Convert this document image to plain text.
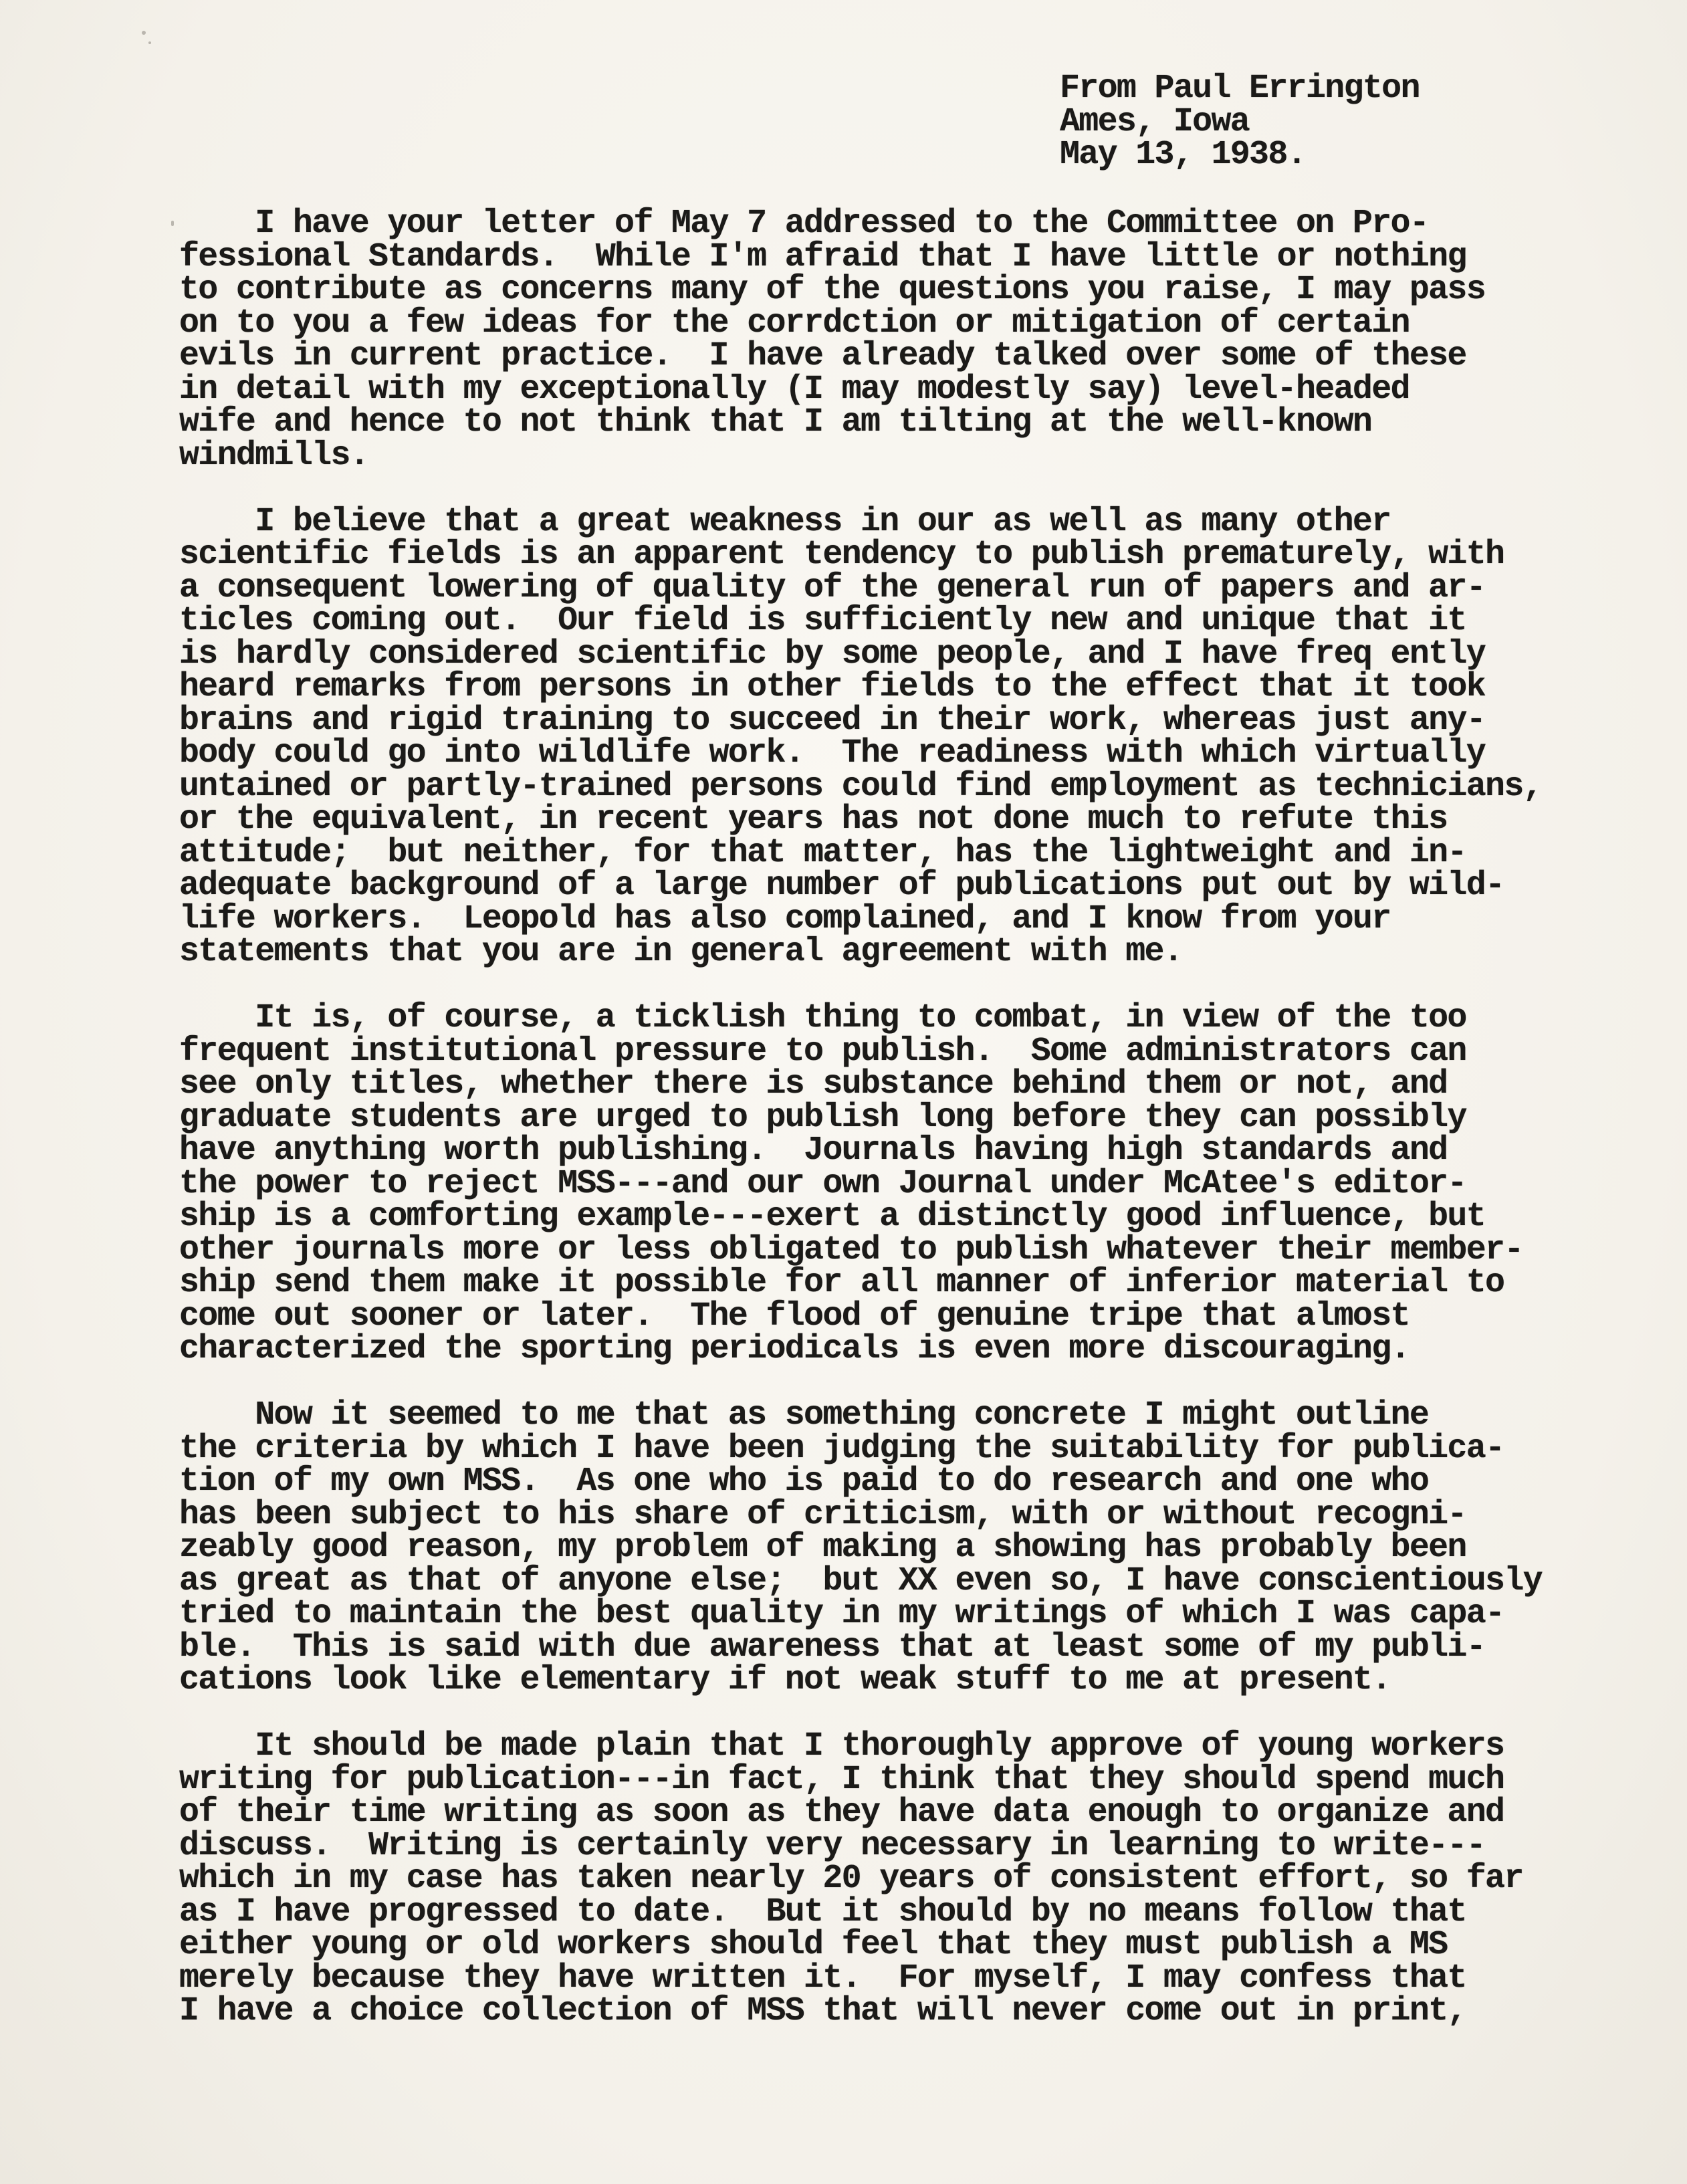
From Paul Errington
Ames, Iowa
May 13, 1938.
I have your letter of May 7 addressed to the Committee on Pro-
fessional Standards.  While I'm afraid that I have little or nothing
to contribute as concerns many of the questions you raise, I may pass
on to you a few ideas for the corrdction or mitigation of certain
evils in current practice.  I have already talked over some of these
in detail with my exceptionally (I may modestly say) level-headed
wife and hence to not think that I am tilting at the well-known
windmills.
I believe that a great weakness in our as well as many other
scientific fields is an apparent tendency to publish prematurely, with
a consequent lowering of quality of the general run of papers and ar-
ticles coming out.  Our field is sufficiently new and unique that it
is hardly considered scientific by some people, and I have freq ently
heard remarks from persons in other fields to the effect that it took
brains and rigid training to succeed in their work, whereas just any-
body could go into wildlife work.  The readiness with which virtually
untained or partly-trained persons could find employment as technicians,
or the equivalent, in recent years has not done much to refute this
attitude;  but neither, for that matter, has the lightweight and in-
adequate background of a large number of publications put out by wild-
life workers.  Leopold has also complained, and I know from your
statements that you are in general agreement with me.
It is, of course, a ticklish thing to combat, in view of the too
frequent institutional pressure to publish.  Some administrators can
see only titles, whether there is substance behind them or not, and
graduate students are urged to publish long before they can possibly
have anything worth publishing.  Journals having high standards and
the power to reject MSS---and our own Journal under McAtee's editor-
ship is a comforting example---exert a distinctly good influence, but
other journals more or less obligated to publish whatever their member-
ship send them make it possible for all manner of inferior material to
come out sooner or later.  The flood of genuine tripe that almost
characterized the sporting periodicals is even more discouraging.
Now it seemed to me that as something concrete I might outline
the criteria by which I have been judging the suitability for publica-
tion of my own MSS.  As one who is paid to do research and one who
has been subject to his share of criticism, with or without recogni-
zeably good reason, my problem of making a showing has probably been
as great as that of anyone else;  but XX even so, I have conscientiously
tried to maintain the best quality in my writings of which I was capa-
ble.  This is said with due awareness that at least some of my publi-
cations look like elementary if not weak stuff to me at present.
It should be made plain that I thoroughly approve of young workers
writing for publication---in fact, I think that they should spend much
of their time writing as soon as they have data enough to organize and
discuss.  Writing is certainly very necessary in learning to write---
which in my case has taken nearly 20 years of consistent effort, so far
as I have progressed to date.  But it should by no means follow that
either young or old workers should feel that they must publish a MS
merely because they have written it.  For myself, I may confess that
I have a choice collection of MSS that will never come out in print,
